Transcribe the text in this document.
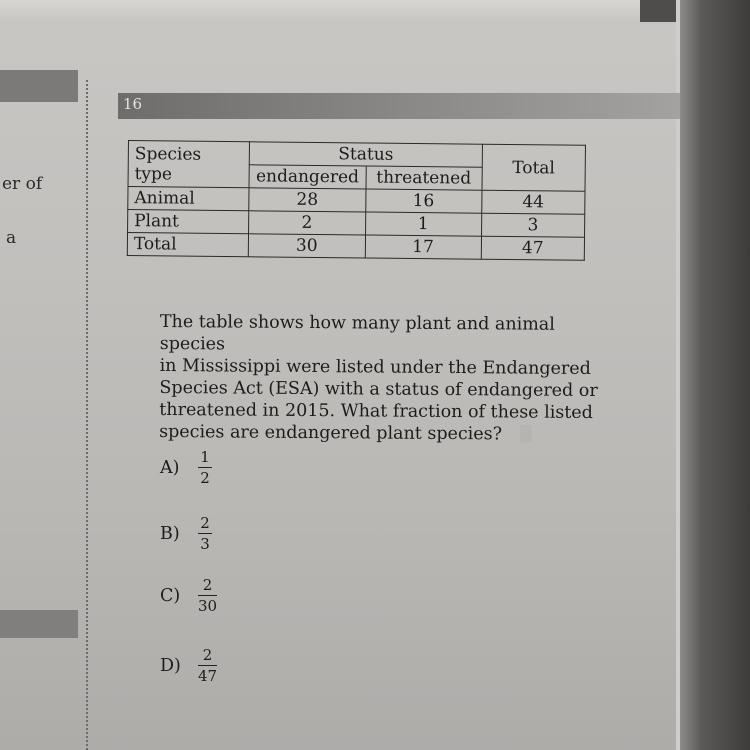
er of
a
▒
16
Species type	Status		Total
	endangered	threatened	
Animal	28	16	44
Plant	2	1	3
Total	30	17	47
The table shows how many plant and animal species
in Mississippi were listed under the Endangered
Species Act (ESA) with a status of endangered or
threatened in 2015. What fraction of these listed
species are endangered plant species?
A)	$\frac{1}{2}$
B)	$\frac{2}{3}$
C)	$\frac{2}{30}$
D)	$\frac{2}{47}$
